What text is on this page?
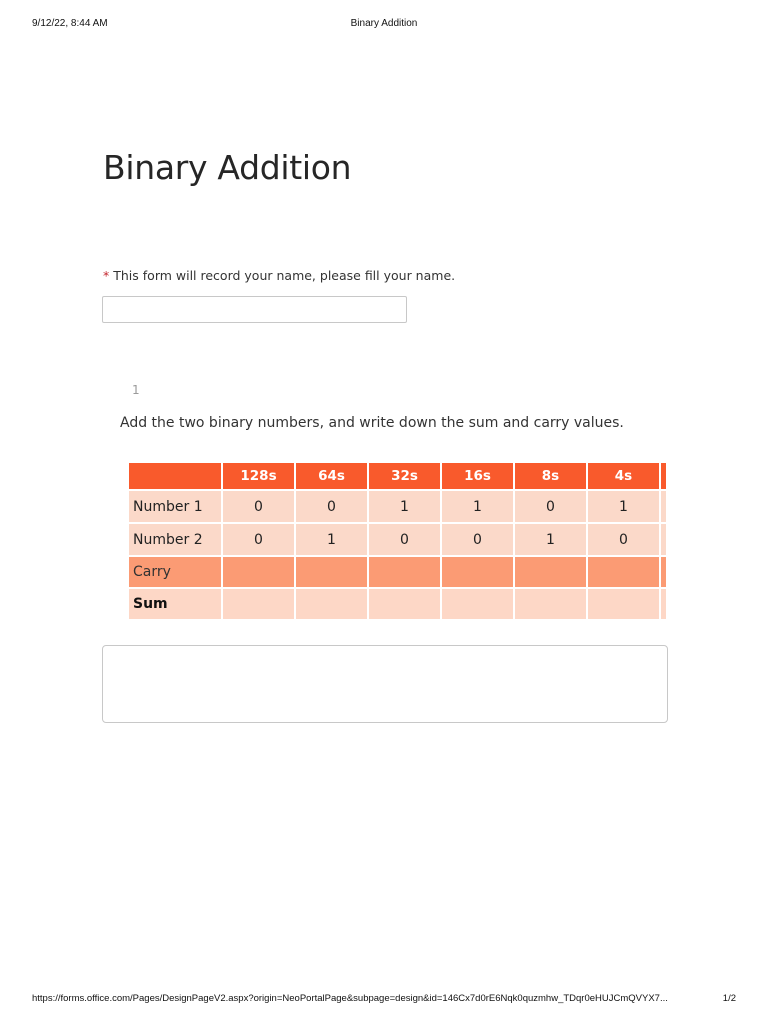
9/12/22, 8:44 AM	Binary Addition
Binary Addition
* This form will record your name, please fill your name.
1
Add the two binary numbers, and write down the sum and carry values.
	128s	64s	32s	16s	8s	4s	
Number 1	0	0	1	1	0	1	
Number 2	0	1	0	0	1	0	
Carry							
Sum							
https://forms.office.com/Pages/DesignPageV2.aspx?origin=NeoPortalPage&subpage=design&id=146Cx7d0rE6Nqk0quzmhw_TDqr0eHUJCmQVYX7...	1/2
